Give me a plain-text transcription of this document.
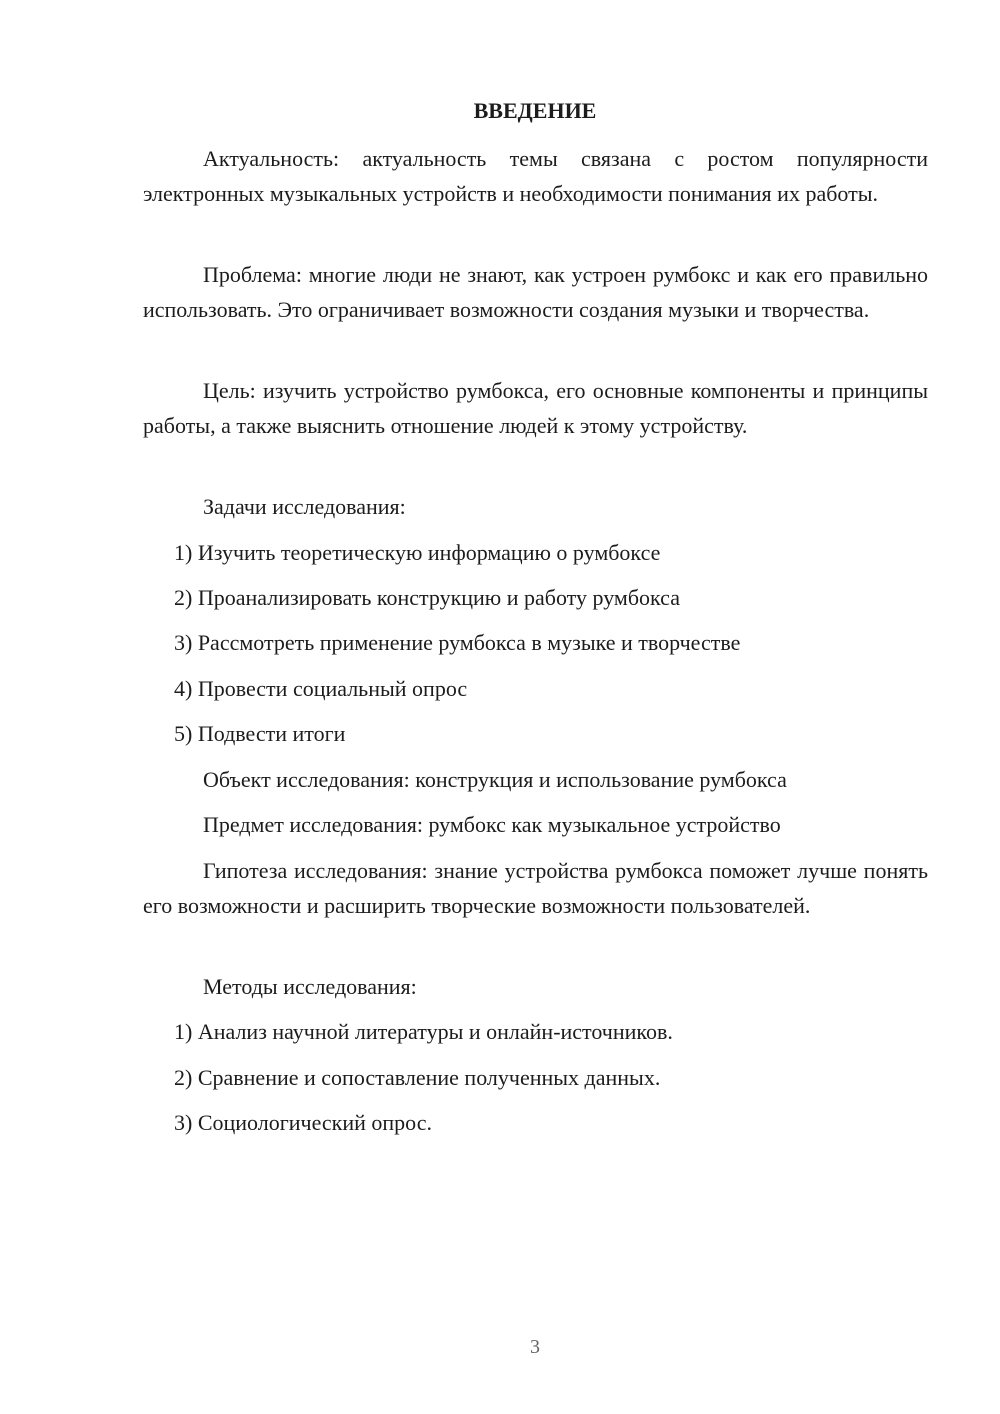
ВВЕДЕНИЕ

Актуальность: актуальность темы связана с ростом популярности электронных музыкальных устройств и необходимости понимания их работы.

Проблема: многие люди не знают, как устроен румбокс и как его правильно использовать. Это ограничивает возможности создания музыки и творчества.

Цель: изучить устройство румбокса, его основные компоненты и принципы работы, а также выяснить отношение людей к этому устройству.

Задачи исследования:

1) Изучить теоретическую информацию о румбоксе

2) Проанализировать конструкцию и работу румбокса

3) Рассмотреть применение румбокса в музыке и творчестве

4) Провести социальный опрос

5) Подвести итоги

Объект исследования: конструкция и использование румбокса

Предмет исследования: румбокс как музыкальное устройство

Гипотеза исследования: знание устройства румбокса поможет лучше понять его возможности и расширить творческие возможности пользователей.

Методы исследования:

1) Анализ научной литературы и онлайн-источников.

2) Сравнение и сопоставление полученных данных.

3) Социологический опрос.

3
